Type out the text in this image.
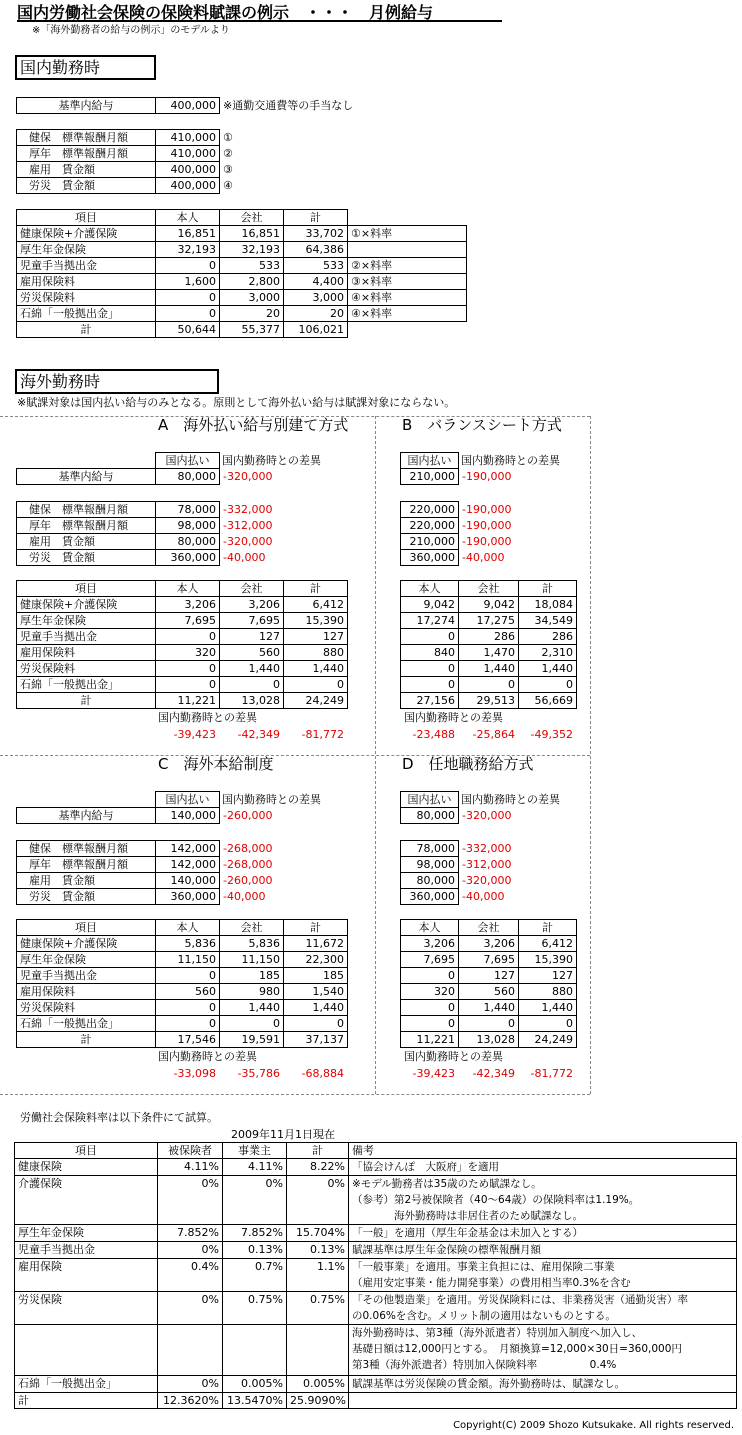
国内労働社会保険の保険料賦課の例示　・・・　月例給与
※「海外勤務者の給与の例示」のモデルより
国内勤務時
基準内給与	400,000	※通勤交通費等の手当なし
健保　標準報酬月額	410,000	①
厚年　標準報酬月額	410,000	②
雇用　賃金額	400,000	③
労災　賃金額	400,000	④
項目	本人	会社	計	
健康保険+介護保険	16,851	16,851	33,702	①×料率
厚生年金保険	32,193	32,193	64,386	
児童手当拠出金	0	533	533	②×料率
雇用保険料	1,600	2,800	4,400	③×料率
労災保険料	0	3,000	3,000	④×料率
石綿「一般拠出金」	0	20	20	④×料率
計	50,644	55,377	106,021	
海外勤務時
※賦課対象は国内払い給与のみとなる。原則として海外払い給与は賦課対象にならない。
A　海外払い給与別建て方式
	国内払い	国内勤務時との差異
基準内給与	80,000	-320,000
健保　標準報酬月額	78,000	-332,000
厚年　標準報酬月額	98,000	-312,000
雇用　賃金額	80,000	-320,000
労災　賃金額	360,000	-40,000
項目	本人	会社	計
健康保険+介護保険	3,206	3,206	6,412
厚生年金保険	7,695	7,695	15,390
児童手当拠出金	0	127	127
雇用保険料	320	560	880
労災保険料	0	1,440	1,440
石綿「一般拠出金」	0	0	0
計	11,221	13,028	24,249
国内勤務時との差異
-39,423	-42,349	-81,772
B　バランスシート方式
国内払い	国内勤務時との差異
210,000	-190,000
220,000	-190,000
220,000	-190,000
210,000	-190,000
360,000	-40,000
本人	会社	計
9,042	9,042	18,084
17,274	17,275	34,549
0	286	286
840	1,470	2,310
0	1,440	1,440
0	0	0
27,156	29,513	56,669
国内勤務時との差異
-23,488	-25,864	-49,352
C　海外本給制度
	国内払い	国内勤務時との差異
基準内給与	140,000	-260,000
健保　標準報酬月額	142,000	-268,000
厚年　標準報酬月額	142,000	-268,000
雇用　賃金額	140,000	-260,000
労災　賃金額	360,000	-40,000
項目	本人	会社	計
健康保険+介護保険	5,836	5,836	11,672
厚生年金保険	11,150	11,150	22,300
児童手当拠出金	0	185	185
雇用保険料	560	980	1,540
労災保険料	0	1,440	1,440
石綿「一般拠出金」	0	0	0
計	17,546	19,591	37,137
国内勤務時との差異
-33,098	-35,786	-68,884
D　任地職務給方式
国内払い	国内勤務時との差異
80,000	-320,000
78,000	-332,000
98,000	-312,000
80,000	-320,000
360,000	-40,000
本人	会社	計
3,206	3,206	6,412
7,695	7,695	15,390
0	127	127
320	560	880
0	1,440	1,440
0	0	0
11,221	13,028	24,249
国内勤務時との差異
-39,423	-42,349	-81,772
労働社会保険料率は以下条件にて試算。
2009年11月1日現在
項目	被保険者	事業主	計	備考
健康保険	4.11%	4.11%	8.22%	「協会けんぽ　大阪府」を適用
介護保険	0%	0%	0%	※モデル勤務者は35歳のため賦課なし。
（参考）第2号被保険者（40～64歳）の保険料率は1.19%。
　　　　海外勤務時は非居住者のため賦課なし。
厚生年金保険	7.852%	7.852%	15.704%	「一般」を適用（厚生年金基金は未加入とする）
児童手当拠出金	0%	0.13%	0.13%	賦課基準は厚生年金保険の標準報酬月額
雇用保険	0.4%	0.7%	1.1%	「一般事業」を適用。事業主負担には、雇用保険二事業
（雇用安定事業・能力開発事業）の費用相当率0.3%を含む
労災保険	0%	0.75%	0.75%	「その他製造業」を適用。労災保険料には、非業務災害（通勤災害）率
の0.06%を含む。メリット制の適用はないものとする。
				海外勤務時は、第3種（海外派遣者）特別加入制度へ加入し、
基礎日額は12,000円とする。　月額換算=12,000×30日=360,000円
第3種（海外派遣者）特別加入保険料率　　　　　0.4%
石綿「一般拠出金」	0%	0.005%	0.005%	賦課基準は労災保険の賃金額。海外勤務時は、賦課なし。
計	12.3620%	13.5470%	25.9090%	
Copyright(C) 2009 Shozo Kutsukake. All rights reserved.
